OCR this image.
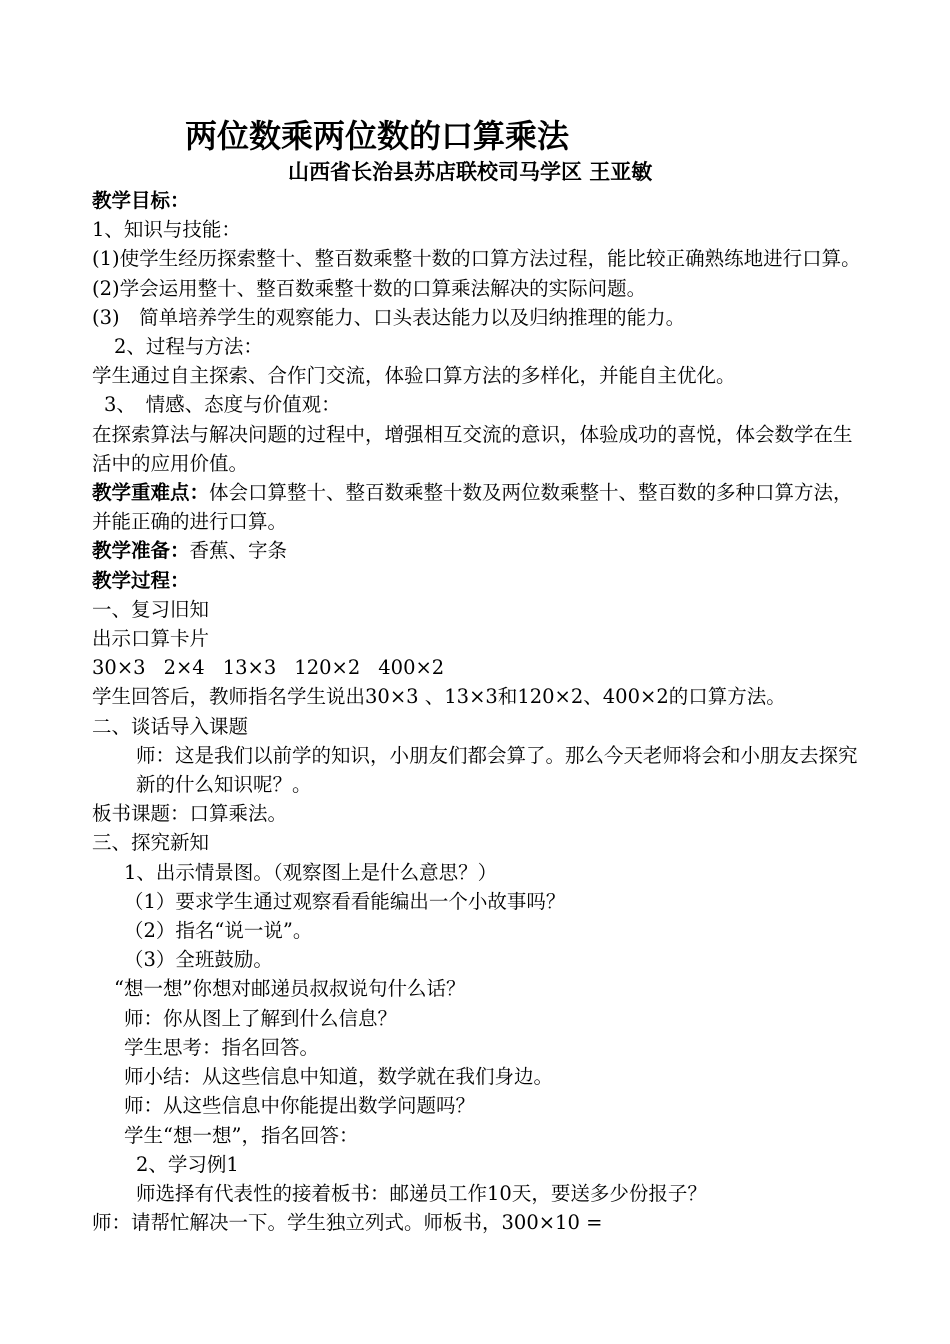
两位数乘两位数的口算乘法
山西省长治县苏店联校司马学区 王亚敏

教学目标：

1、知识与技能：

(1)使学生经历探索整十、整百数乘整十数的口算方法过程，能比较正确熟练地进行口算。

(2)学会运用整十、整百数乘整十数的口算乘法解决的实际问题。

(3)　简单培养学生的观察能力、口头表达能力以及归纳推理的能力。

2、过程与方法：

学生通过自主探索、合作门交流，体验口算方法的多样化，并能自主优化。

3、　情感、态度与价值观：

在探索算法与解决问题的过程中，增强相互交流的意识，体验成功的喜悦，体会数学在生活中的应用价值。

教学重难点：体会口算整十、整百数乘整十数及两位数乘整十、整百数的多种口算方法，并能正确的进行口算。

教学准备：香蕉、字条

教学过程：

一、复习旧知

出示口算卡片

30×3 2×4 13×3 120×2 400×2

学生回答后，教师指名学生说出30×3 、13×3和120×2、400×2的口算方法。

二、谈话导入课题

师：这是我们以前学的知识，小朋友们都会算了。那么今天老师将会和小朋友去探究新的什么知识呢？。

板书课题：口算乘法。

三、探究新知

1、出示情景图。（观察图上是什么意思？）

（1）要求学生通过观察看看能编出一个小故事吗？

（2）指名“说一说”。

（3）全班鼓励。

“想一想”你想对邮递员叔叔说句什么话？

师：你从图上了解到什么信息？

学生思考：指名回答。

师小结：从这些信息中知道，数学就在我们身边。

师：从这些信息中你能提出数学问题吗？

学生“想一想”，指名回答：

2、学习例1

师选择有代表性的接着板书：邮递员工作10天，要送多少份报子？

师：请帮忙解决一下。学生独立列式。师板书，300×10 =
